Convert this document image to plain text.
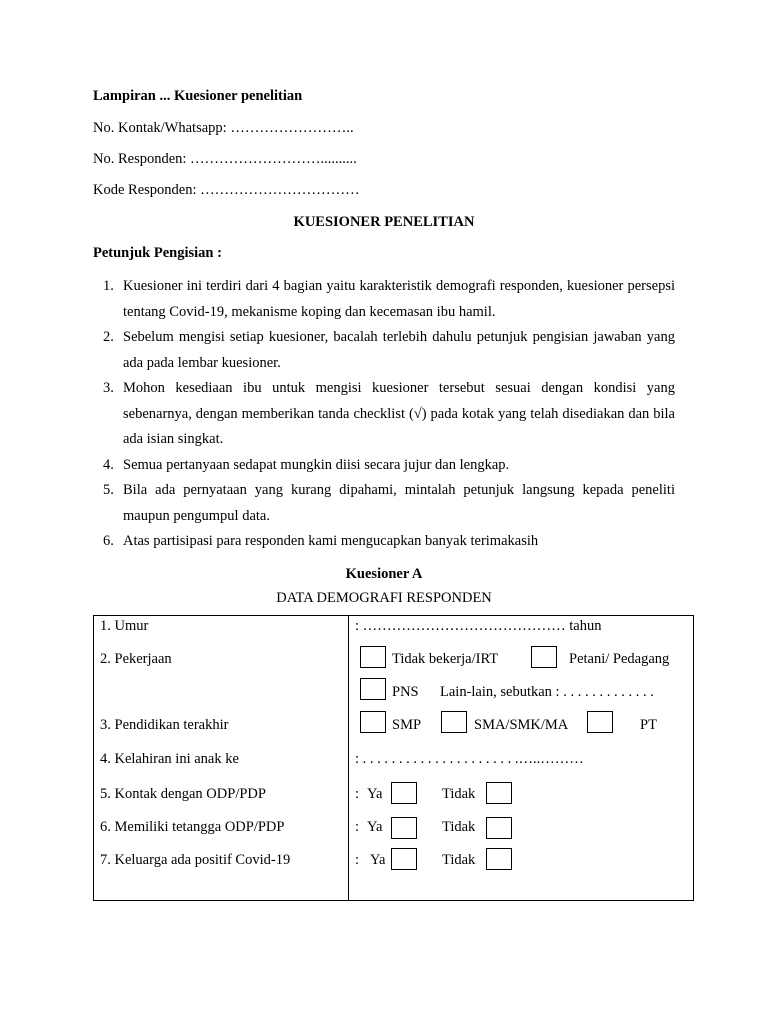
Lampiran ... Kuesioner penelitian
No. Kontak/Whatsapp: ……………………..
No. Responden: ………………………..........
Kode Responden: ……………………………
KUESIONER PENELITIAN
Petunjuk Pengisian :
1. Kuesioner ini terdiri dari 4 bagian yaitu karakteristik demografi responden, kuesioner persepsi tentang Covid-19, mekanisme koping dan kecemasan ibu hamil.
2. Sebelum mengisi setiap kuesioner, bacalah terlebih dahulu petunjuk pengisian jawaban yang ada pada lembar kuesioner.
3. Mohon kesediaan ibu untuk mengisi kuesioner tersebut sesuai dengan kondisi yang sebenarnya, dengan memberikan tanda checklist (√) pada kotak yang telah disediakan dan bila ada isian singkat.
4. Semua pertanyaan sedapat mungkin diisi secara jujur dan lengkap.
5. Bila ada pernyataan yang kurang dipahami, mintalah petunjuk langsung kepada peneliti maupun pengumpul data.
6. Atas partisipasi para responden kami mengucapkan banyak terimakasih
Kuesioner A
DATA DEMOGRAFI RESPONDEN
1. Umur	: …………………………………… tahun
2. Pekerjaan	Tidak bekerja/IRT	Petani/ Pedagang
PNS Lain-lain, sebutkan : . . . . . . . . . . . . .
3. Pendidikan terakhir	SMP	SMA/SMK/MA	PT
4. Kelahiran ini anak ke	: . . . . . . . . . . . . . . . . . . . . . .…..………
5. Kontak dengan ODP/PDP	: Ya	Tidak
6. Memiliki tetangga ODP/PDP	: Ya	Tidak
7. Keluarga ada positif Covid-19	: Ya	Tidak
